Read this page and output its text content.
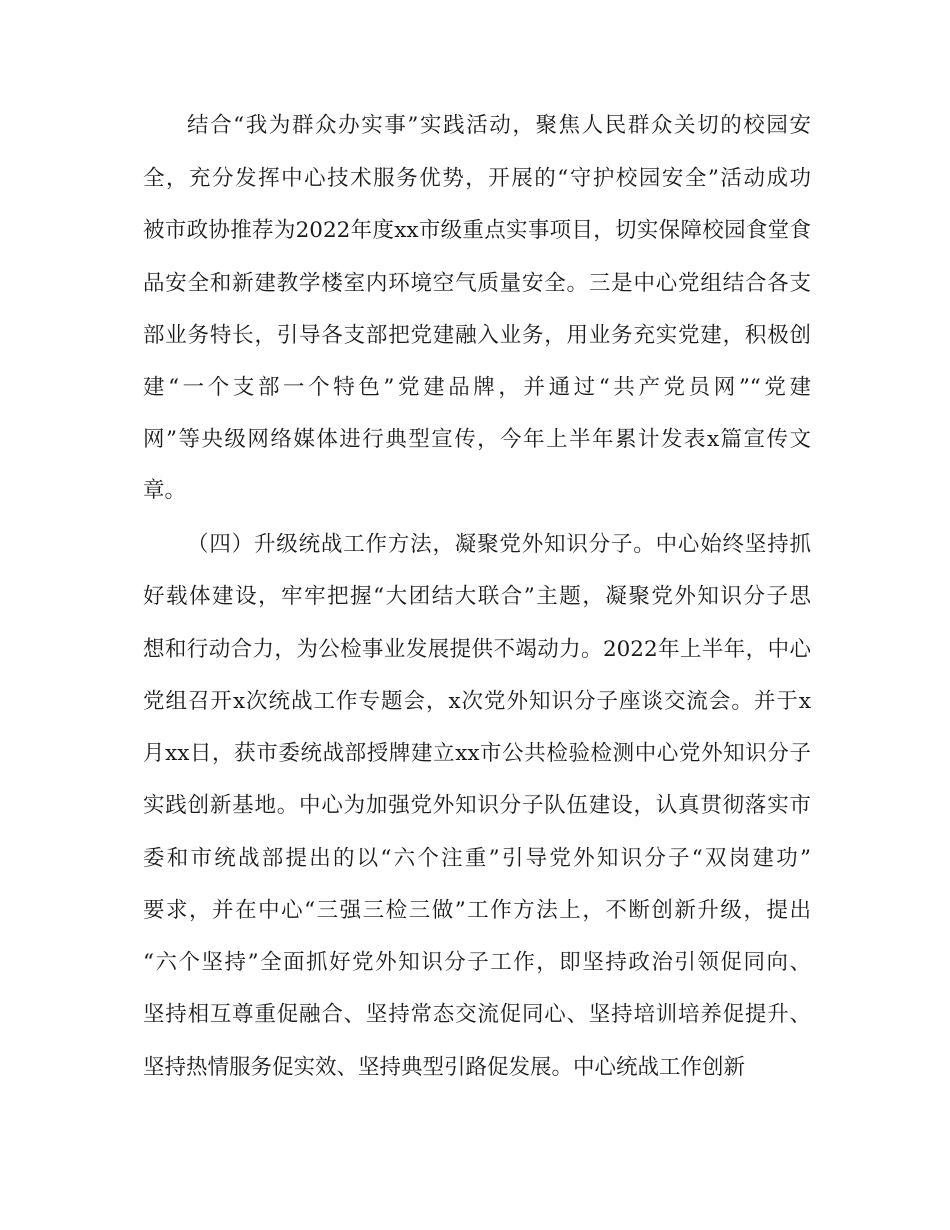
结合“我为群众办实事”实践活动，聚焦人民群众关切的校园安
全，充分发挥中心技术服务优势，开展的“守护校园安全”活动成功
被市政协推荐为2022年度xx市级重点实事项目，切实保障校园食堂食
品安全和新建教学楼室内环境空气质量安全。三是中心党组结合各支
部业务特长，引导各支部把党建融入业务，用业务充实党建，积极创
建“一个支部一个特色”党建品牌，并通过“共产党员网”“党建
网”等央级网络媒体进行典型宣传，今年上半年累计发表x篇宣传文
章。
（四）升级统战工作方法，凝聚党外知识分子。中心始终坚持抓
好载体建设，牢牢把握“大团结大联合”主题，凝聚党外知识分子思
想和行动合力，为公检事业发展提供不竭动力。2022年上半年，中心
党组召开x次统战工作专题会，x次党外知识分子座谈交流会。并于x
月xx日，获市委统战部授牌建立xx市公共检验检测中心党外知识分子
实践创新基地。中心为加强党外知识分子队伍建设，认真贯彻落实市
委和市统战部提出的以“六个注重”引导党外知识分子“双岗建功”
要求，并在中心“三强三检三做”工作方法上，不断创新升级，提出
“六个坚持”全面抓好党外知识分子工作，即坚持政治引领促同向、
坚持相互尊重促融合、坚持常态交流促同心、坚持培训培养促提升、
坚持热情服务促实效、坚持典型引路促发展。中心统战工作创新
